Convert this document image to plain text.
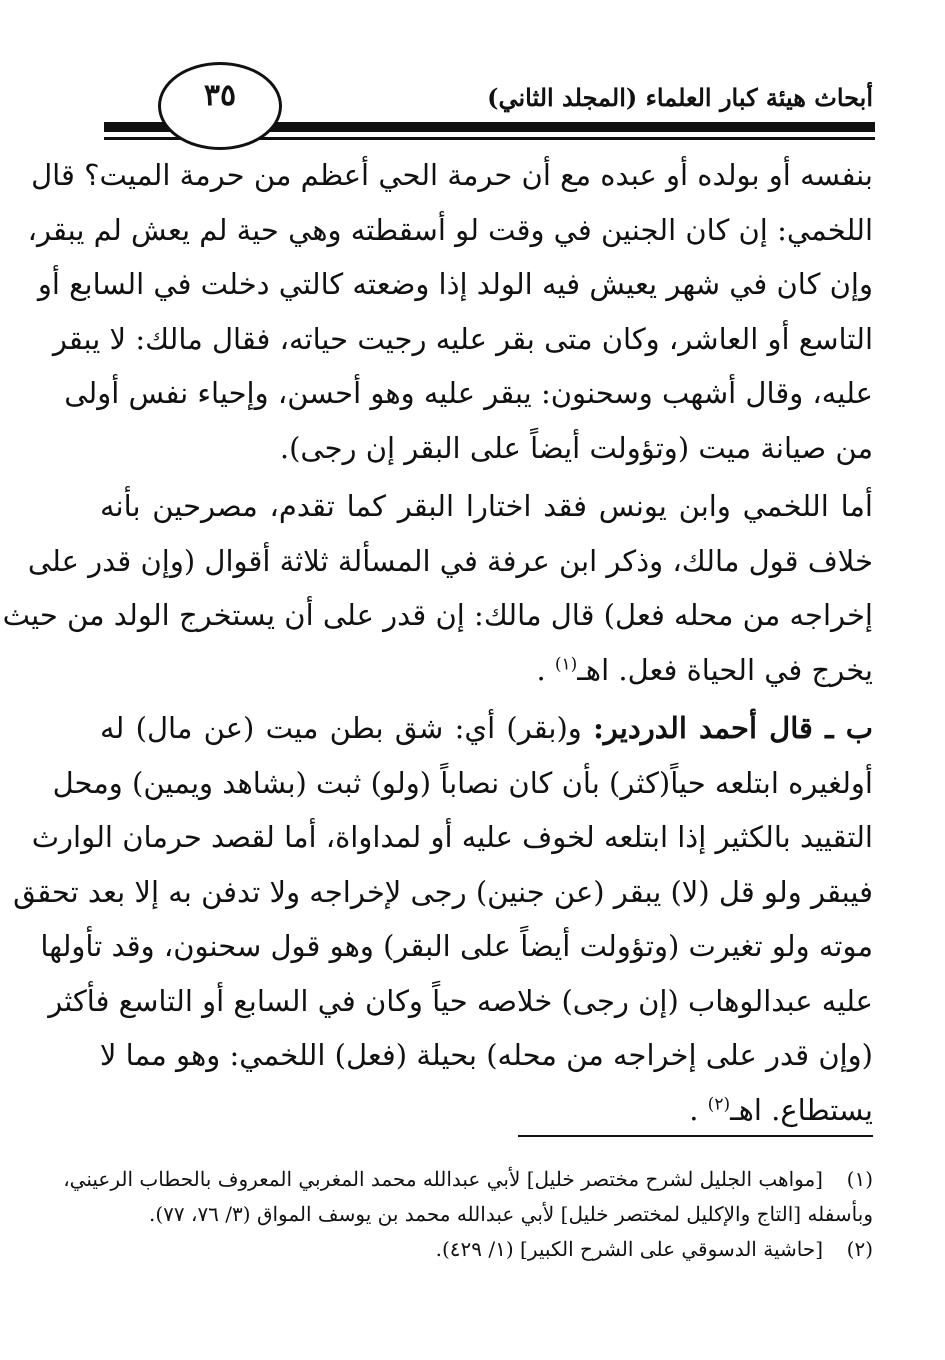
٣٥	أبحاث هيئة كبار العلماء (المجلد الثاني)
بنفسه أو بولده أو عبده مع أن حرمة الحي أعظم من حرمة الميت؟ قال
اللخمي: إن كان الجنين في وقت لو أسقطته وهي حية لم يعش لم يبقر،
وإن كان في شهر يعيش فيه الولد إذا وضعته كالتي دخلت في السابع أو
التاسع أو العاشر، وكان متى بقر عليه رجيت حياته، فقال مالك: لا يبقر
عليه، وقال أشهب وسحنون: يبقر عليه وهو أحسن، وإحياء نفس أولى
من صيانة ميت (وتؤولت أيضاً على البقر إن رجى).
أما اللخمي وابن يونس فقد اختارا البقر كما تقدم، مصرحين بأنه
خلاف قول مالك، وذكر ابن عرفة في المسألة ثلاثة أقوال (وإن قدر على
إخراجه من محله فعل) قال مالك: إن قدر على أن يستخرج الولد من حيث
يخرج في الحياة فعل. اهـ$^{(١)}$ .
ب ـ قال أحمد الدردير: و(بقر) أي: شق بطن ميت (عن مال) له
أولغيره ابتلعه حياً(كثر) بأن كان نصاباً (ولو) ثبت (بشاهد ويمين) ومحل
التقييد بالكثير إذا ابتلعه لخوف عليه أو لمداواة، أما لقصد حرمان الوارث
فيبقر ولو قل (لا) يبقر (عن جنين) رجى لإخراجه ولا تدفن به إلا بعد تحقق
موته ولو تغيرت (وتؤولت أيضاً على البقر) وهو قول سحنون، وقد تأولها
عليه عبدالوهاب (إن رجى) خلاصه حياً وكان في السابع أو التاسع فأكثر
(وإن قدر على إخراجه من محله) بحيلة (فعل) اللخمي: وهو مما لا
يستطاع. اهـ$^{(٢)}$ .
(١)[مواهب الجليل لشرح مختصر خليل] لأبي عبدالله محمد المغربي المعروف بالحطاب الرعيني،
وبأسفله [التاج والإكليل لمختصر خليل] لأبي عبدالله محمد بن يوسف المواق (٣/ ٧٦، ٧٧).
(٢)[حاشية الدسوقي على الشرح الكبير] (١/ ٤٢٩).
